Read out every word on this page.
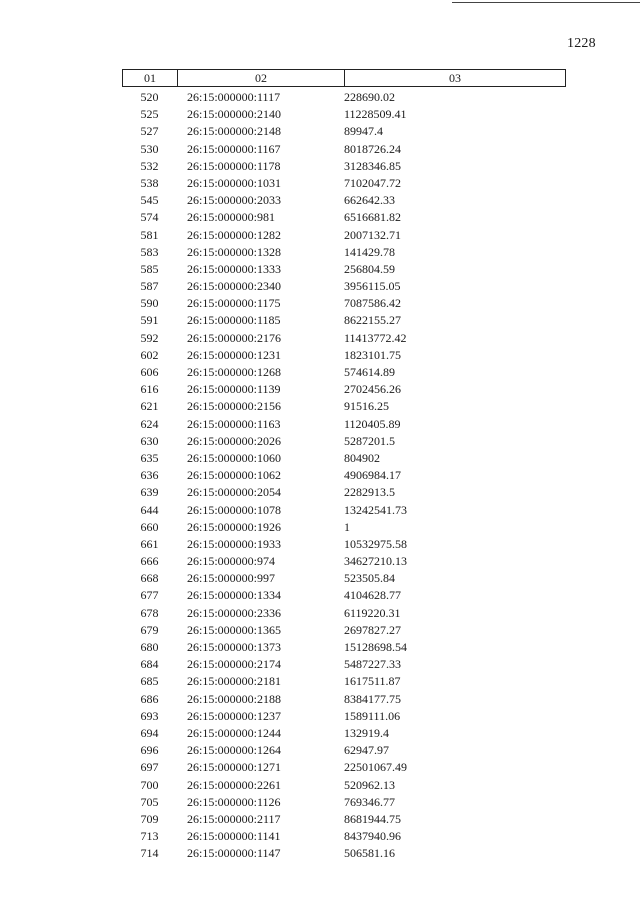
1228
01	02	03
520	26:15:000000:1117	228690.02
525	26:15:000000:2140	11228509.41
527	26:15:000000:2148	89947.4
530	26:15:000000:1167	8018726.24
532	26:15:000000:1178	3128346.85
538	26:15:000000:1031	7102047.72
545	26:15:000000:2033	662642.33
574	26:15:000000:981	6516681.82
581	26:15:000000:1282	2007132.71
583	26:15:000000:1328	141429.78
585	26:15:000000:1333	256804.59
587	26:15:000000:2340	3956115.05
590	26:15:000000:1175	7087586.42
591	26:15:000000:1185	8622155.27
592	26:15:000000:2176	11413772.42
602	26:15:000000:1231	1823101.75
606	26:15:000000:1268	574614.89
616	26:15:000000:1139	2702456.26
621	26:15:000000:2156	91516.25
624	26:15:000000:1163	1120405.89
630	26:15:000000:2026	5287201.5
635	26:15:000000:1060	804902
636	26:15:000000:1062	4906984.17
639	26:15:000000:2054	2282913.5
644	26:15:000000:1078	13242541.73
660	26:15:000000:1926	1
661	26:15:000000:1933	10532975.58
666	26:15:000000:974	34627210.13
668	26:15:000000:997	523505.84
677	26:15:000000:1334	4104628.77
678	26:15:000000:2336	6119220.31
679	26:15:000000:1365	2697827.27
680	26:15:000000:1373	15128698.54
684	26:15:000000:2174	5487227.33
685	26:15:000000:2181	1617511.87
686	26:15:000000:2188	8384177.75
693	26:15:000000:1237	1589111.06
694	26:15:000000:1244	132919.4
696	26:15:000000:1264	62947.97
697	26:15:000000:1271	22501067.49
700	26:15:000000:2261	520962.13
705	26:15:000000:1126	769346.77
709	26:15:000000:2117	8681944.75
713	26:15:000000:1141	8437940.96
714	26:15:000000:1147	506581.16
